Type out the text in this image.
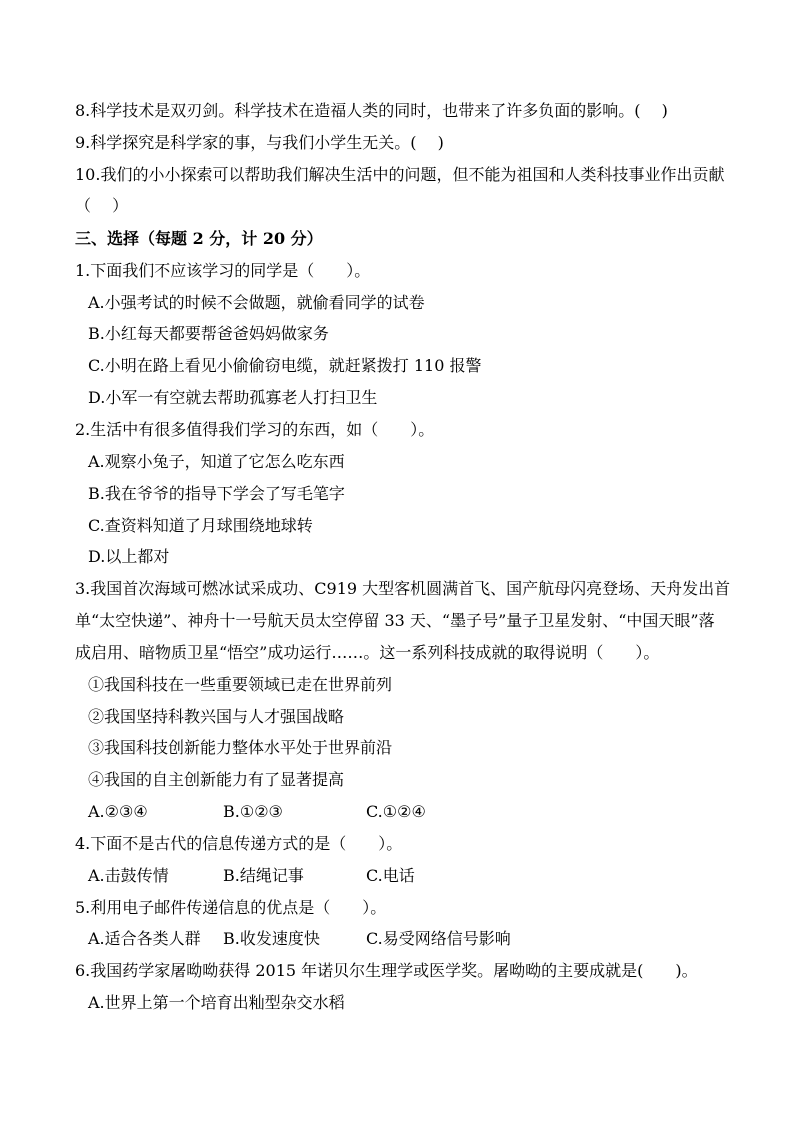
8.科学技术是双刃剑。科学技术在造福人类的同时，也带来了许多负面的影响。(　 )
9.科学探究是科学家的事，与我们小学生无关。(　 )
10.我们的小小探索可以帮助我们解决生活中的问题，但不能为祖国和人类科技事业作出贡献
（　 ）
三、选择（每题 2 分，计 20 分）
1.下面我们不应该学习的同学是（　　）。
A.小强考试的时候不会做题，就偷看同学的试卷
B.小红每天都要帮爸爸妈妈做家务
C.小明在路上看见小偷偷窃电缆，就赶紧拨打 110 报警
D.小军一有空就去帮助孤寡老人打扫卫生
2.生活中有很多值得我们学习的东西，如（　　）。
A.观察小兔子，知道了它怎么吃东西
B.我在爷爷的指导下学会了写毛笔字
C.查资料知道了月球围绕地球转
D.以上都对
3.我国首次海域可燃冰试采成功、C919 大型客机圆满首飞、国产航母闪亮登场、天舟发出首
单“太空快递”、神舟十一号航天员太空停留 33 天、“墨子号”量子卫星发射、“中国天眼”落
成启用、暗物质卫星“悟空”成功运行……。这一系列科技成就的取得说明（　　）。
①我国科技在一些重要领域已走在世界前列
②我国坚持科教兴国与人才强国战略
③我国科技创新能力整体水平处于世界前沿
④我国的自主创新能力有了显著提高
A.②③④	B.①②③	C.①②④
4.下面不是古代的信息传递方式的是（　　）。
A.击鼓传情	B.结绳记事	C.电话
5.利用电子邮件传递信息的优点是（　　）。
A.适合各类人群 B.收发速度快	C.易受网络信号影响
6.我国药学家屠呦呦获得 2015 年诺贝尔生理学或医学奖。屠呦呦的主要成就是(　　)。
A.世界上第一个培育出籼型杂交水稻
